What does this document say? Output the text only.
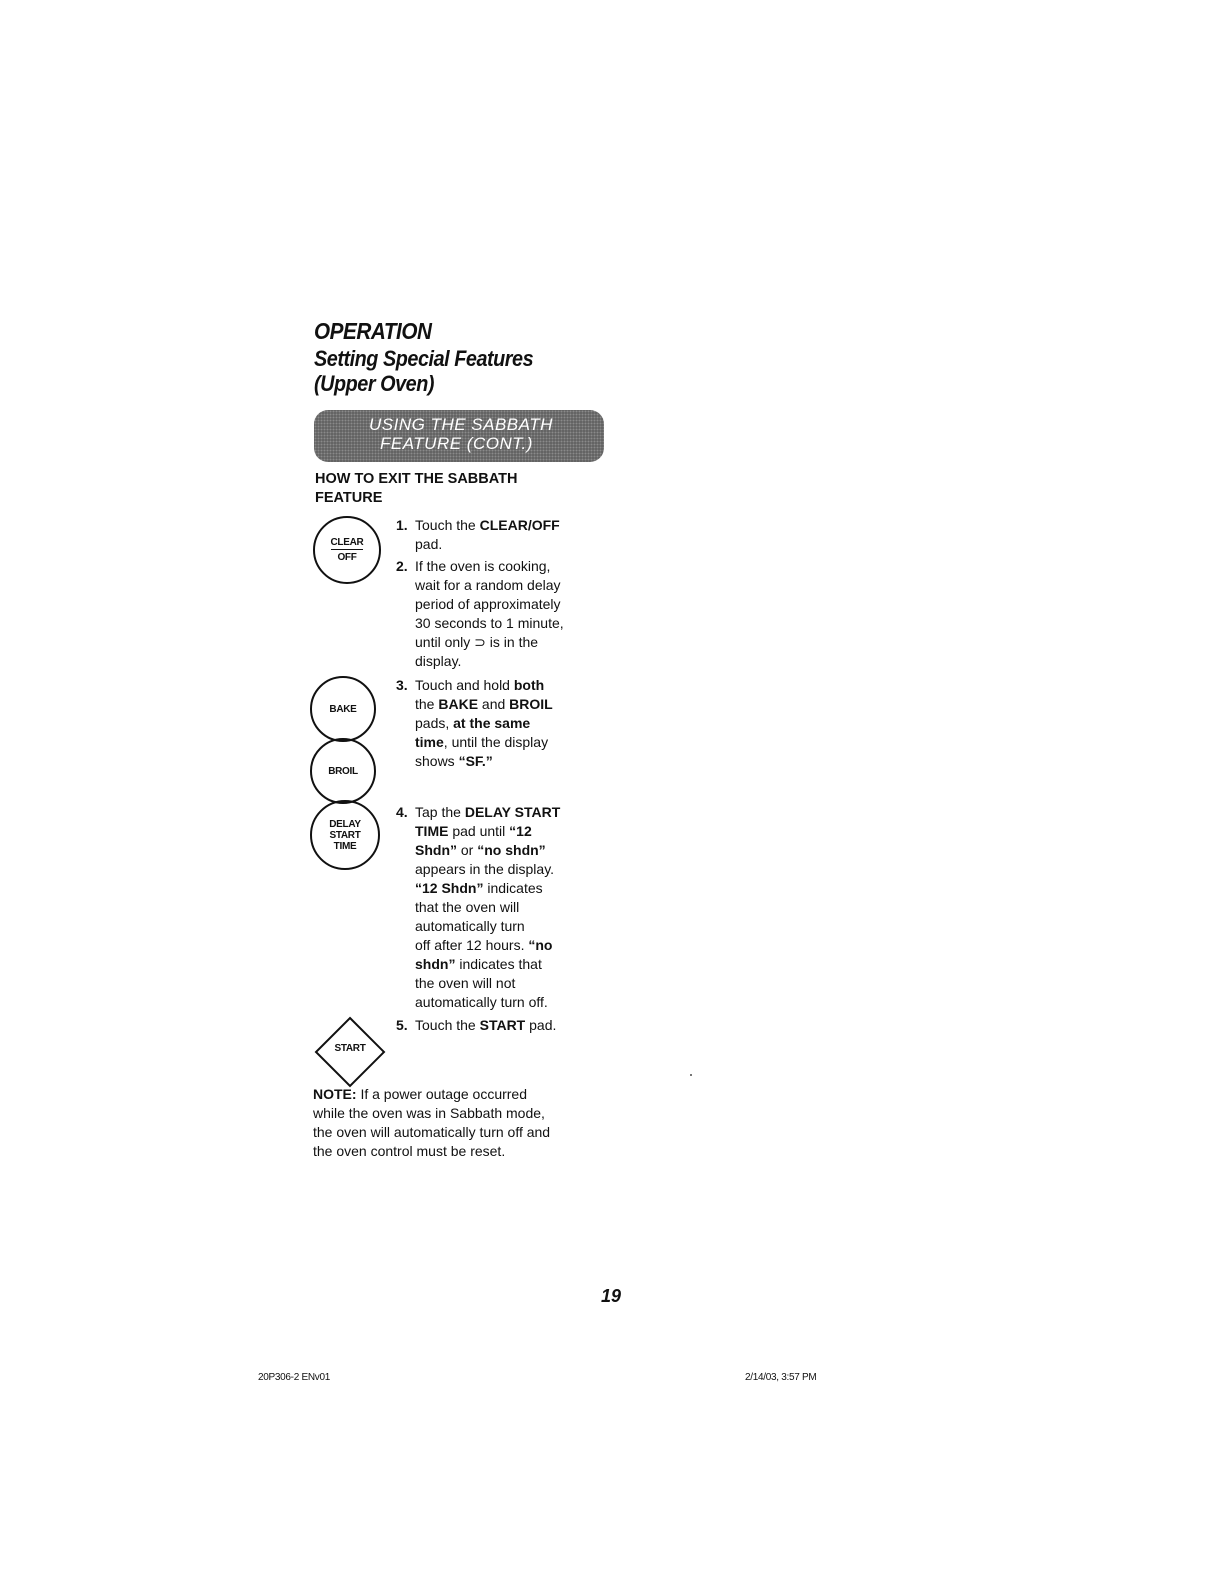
OPERATION
Setting Special Features
(Upper Oven)
USING THE SABBATH
FEATURE (CONT.)
HOW TO EXIT THE SABBATH
FEATURE
CLEAR
OFF
BAKE
BROIL
DELAY
START
TIME
START
1. Touch the CLEAR/OFF
pad.
2. If the oven is cooking,
wait for a random delay
period of approximately
30 seconds to 1 minute,
until only ⊃ is in the
display.
3. Touch and hold both
the BAKE and BROIL
pads, at the same
time, until the display
shows “SF.”
4. Tap the DELAY START
TIME pad until “12
Shdn” or “no shdn”
appears in the display.
“12 Shdn” indicates
that the oven will
automatically turn
off after 12 hours. “no
shdn” indicates that
the oven will not
automatically turn off.
5. Touch the START pad.
NOTE: If a power outage occurred
while the oven was in Sabbath mode,
the oven will automatically turn off and
the oven control must be reset.
19
20P306-2 ENv01	2/14/03, 3:57 PM
